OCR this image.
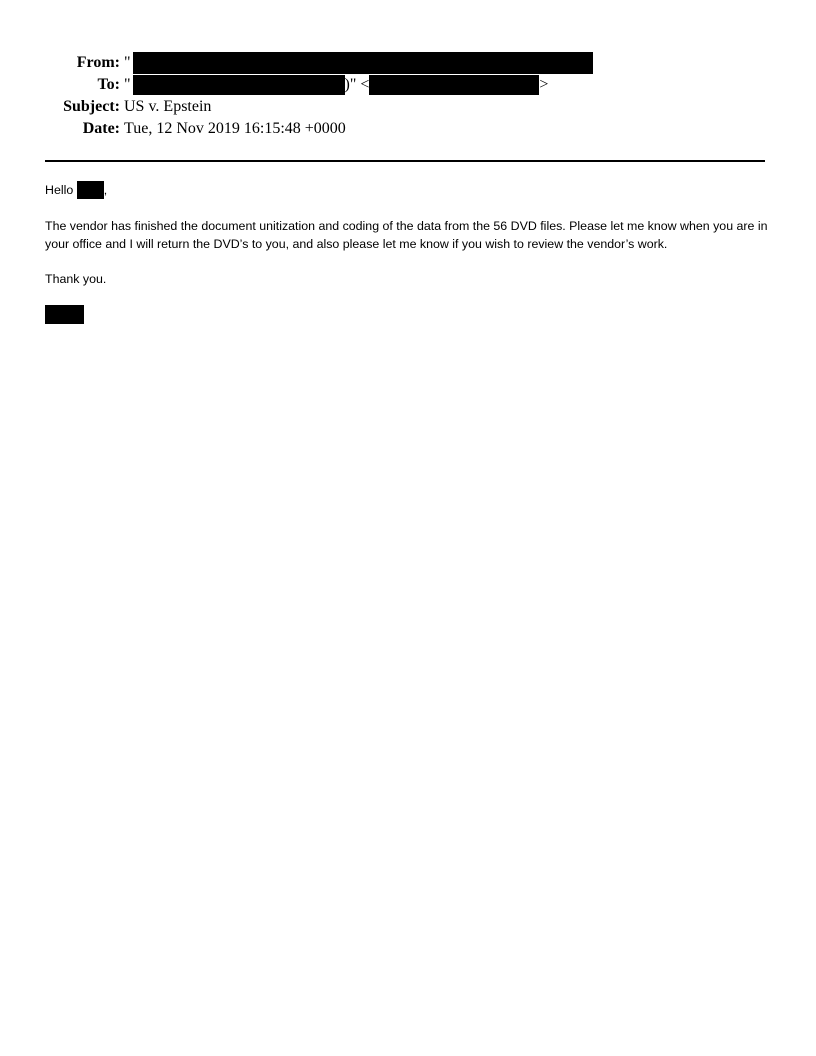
From: "
To: "	)" <	>
Subject: US v. Epstein
Date: Tue, 12 Nov 2019 16:15:48 +0000

Hello ,

The vendor has finished the document unitization and coding of the data from the 56 DVD files. Please let me know when you are in your office and I will return the DVD’s to you, and also please let me know if you wish to review the vendor’s work.

Thank you.
